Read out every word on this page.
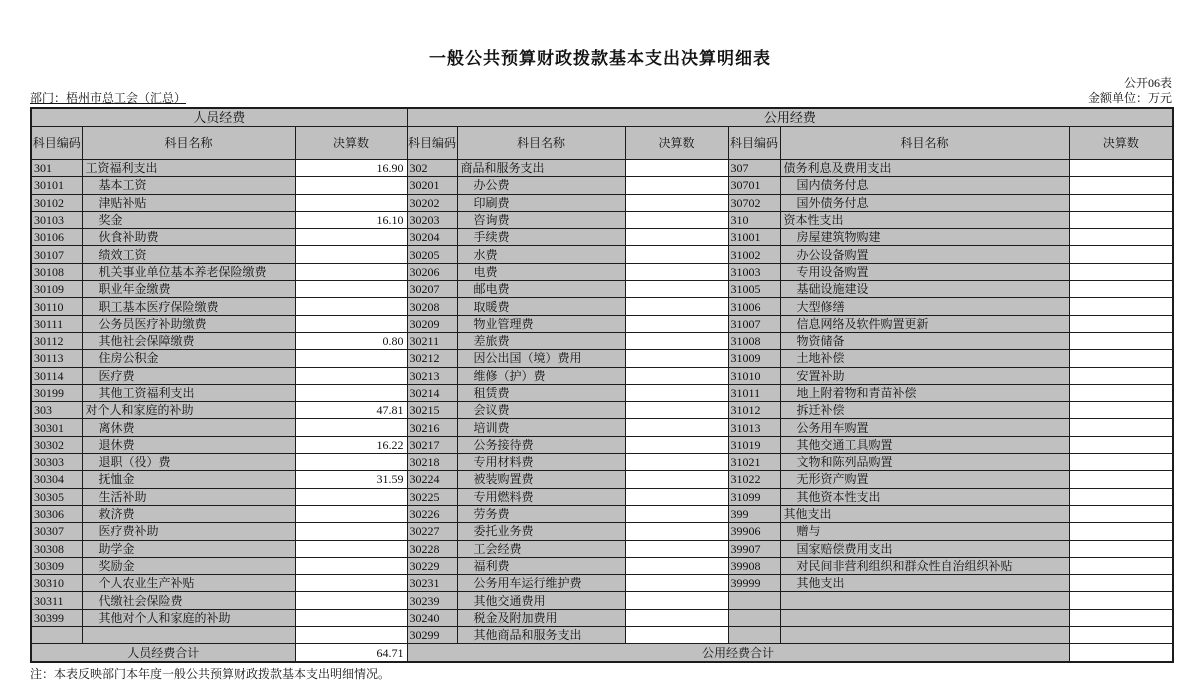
一般公共预算财政拨款基本支出决算明细表
公开06表
部门：梧州市总工会（汇总）	金额单位：万元
人员经费			公用经费					
科目编码	科目名称	决算数	科目编码	科目名称	决算数	科目编码	科目名称	决算数
301	工资福利支出	16.90	302	商品和服务支出		307	债务利息及费用支出	
30101	基本工资		30201	办公费		30701	国内债务付息	
30102	津贴补贴		30202	印刷费		30702	国外债务付息	
30103	奖金	16.10	30203	咨询费		310	资本性支出	
30106	伙食补助费		30204	手续费		31001	房屋建筑物购建	
30107	绩效工资		30205	水费		31002	办公设备购置	
30108	机关事业单位基本养老保险缴费		30206	电费		31003	专用设备购置	
30109	职业年金缴费		30207	邮电费		31005	基础设施建设	
30110	职工基本医疗保险缴费		30208	取暖费		31006	大型修缮	
30111	公务员医疗补助缴费		30209	物业管理费		31007	信息网络及软件购置更新	
30112	其他社会保障缴费	0.80	30211	差旅费		31008	物资储备	
30113	住房公积金		30212	因公出国（境）费用		31009	土地补偿	
30114	医疗费		30213	维修（护）费		31010	安置补助	
30199	其他工资福利支出		30214	租赁费		31011	地上附着物和青苗补偿	
303	对个人和家庭的补助	47.81	30215	会议费		31012	拆迁补偿	
30301	离休费		30216	培训费		31013	公务用车购置	
30302	退休费	16.22	30217	公务接待费		31019	其他交通工具购置	
30303	退职（役）费		30218	专用材料费		31021	文物和陈列品购置	
30304	抚恤金	31.59	30224	被装购置费		31022	无形资产购置	
30305	生活补助		30225	专用燃料费		31099	其他资本性支出	
30306	救济费		30226	劳务费		399	其他支出	
30307	医疗费补助		30227	委托业务费		39906	赠与	
30308	助学金		30228	工会经费		39907	国家赔偿费用支出	
30309	奖励金		30229	福利费		39908	对民间非营利组织和群众性自治组织补贴	
30310	个人农业生产补贴		30231	公务用车运行维护费		39999	其他支出	
30311	代缴社会保险费		30239	其他交通费用				
30399	其他对个人和家庭的补助		30240	税金及附加费用				
			30299	其他商品和服务支出				
人员经费合计		64.71	公用经费合计					
注：本表反映部门本年度一般公共预算财政拨款基本支出明细情况。
